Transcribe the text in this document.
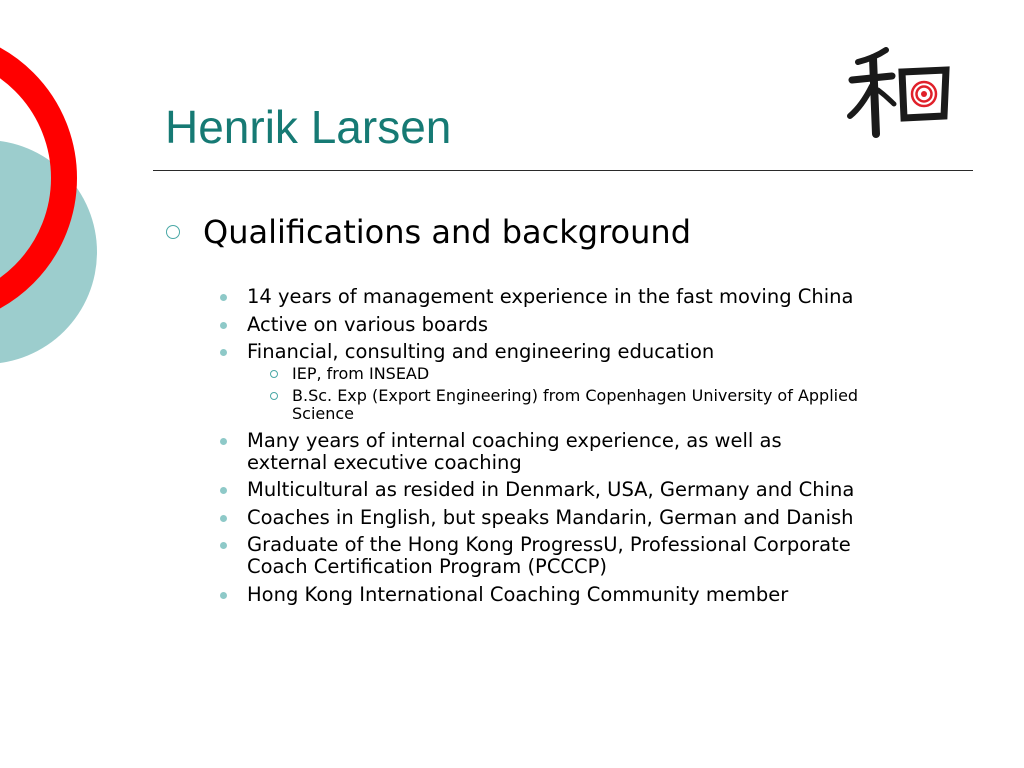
Henrik Larsen
Qualifications and background
14 years of management experience in the fast moving China
Active on various boards
Financial, consulting and engineering education
IEP, from INSEAD
B.Sc. Exp (Export Engineering) from Copenhagen University of Applied
Science
Many years of internal coaching experience, as well as
external executive coaching
Multicultural as resided in Denmark, USA, Germany and China
Coaches in English, but speaks Mandarin, German and Danish
Graduate of the Hong Kong ProgressU, Professional Corporate
Coach Certification Program (PCCCP)
Hong Kong International Coaching Community member
